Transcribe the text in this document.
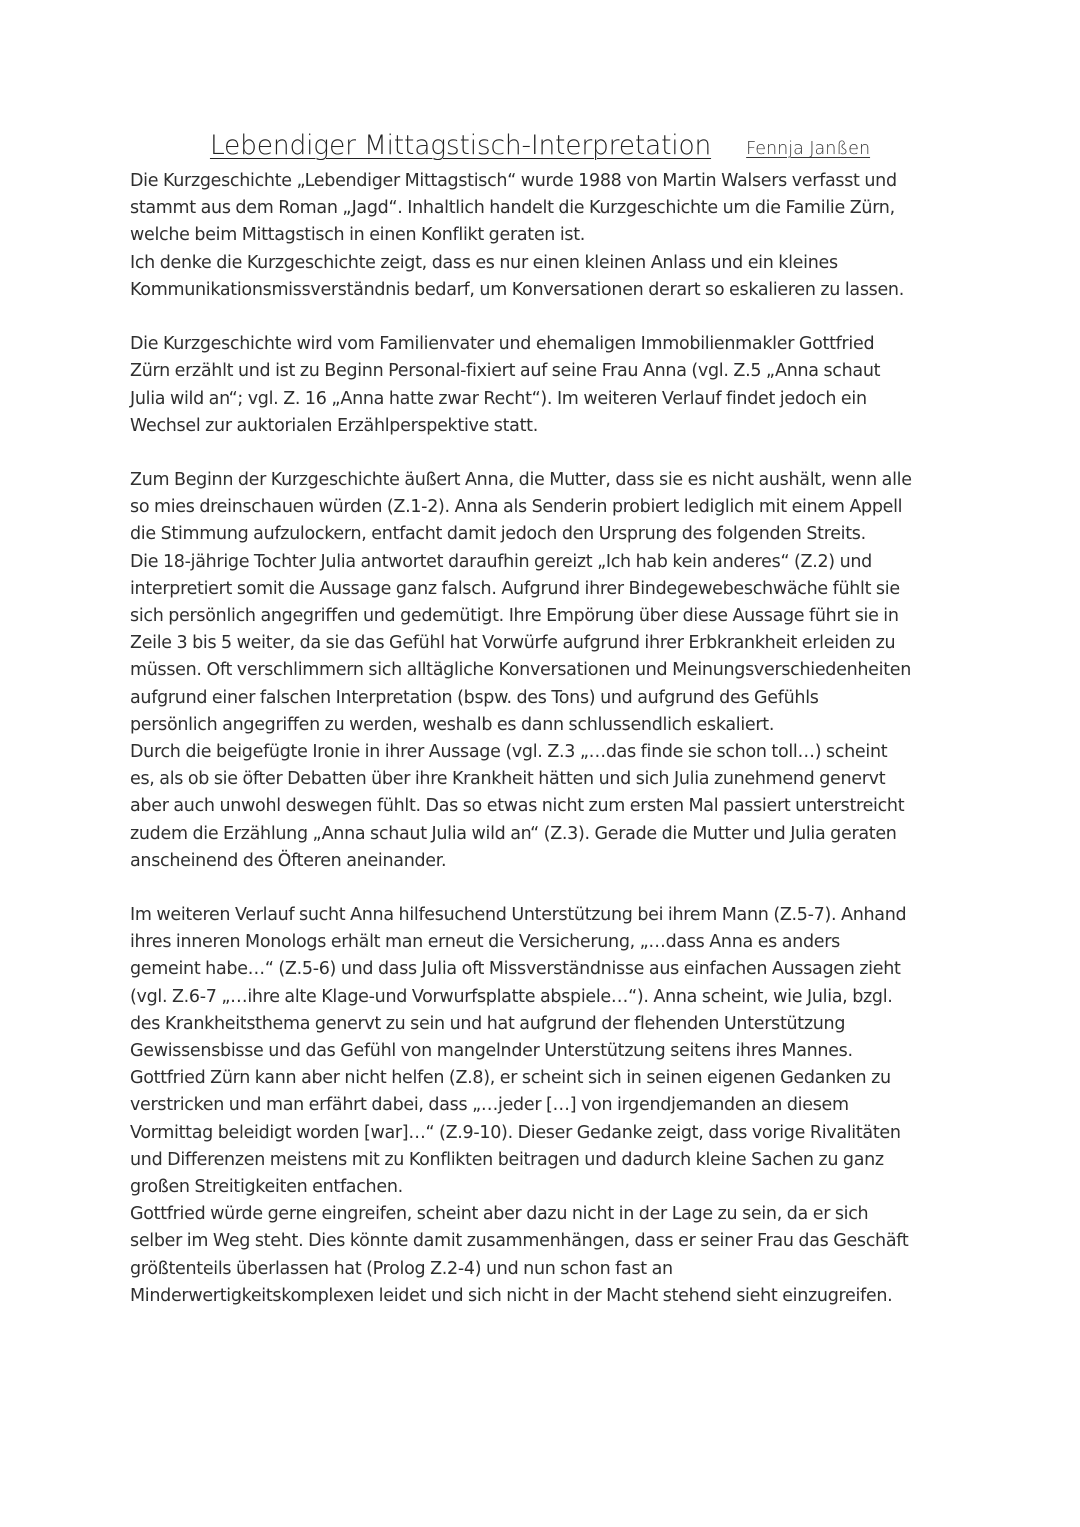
Lebendiger Mittagstisch-Interpretation Fennja Janßen
Die Kurzgeschichte „Lebendiger Mittagstisch“ wurde 1988 von Martin Walsers verfasst und
stammt aus dem Roman „Jagd“. Inhaltlich handelt die Kurzgeschichte um die Familie Zürn,
welche beim Mittagstisch in einen Konflikt geraten ist.
Ich denke die Kurzgeschichte zeigt, dass es nur einen kleinen Anlass und ein kleines
Kommunikationsmissverständnis bedarf, um Konversationen derart so eskalieren zu lassen.
Die Kurzgeschichte wird vom Familienvater und ehemaligen Immobilienmakler Gottfried
Zürn erzählt und ist zu Beginn Personal-fixiert auf seine Frau Anna (vgl. Z.5 „Anna schaut
Julia wild an“; vgl. Z. 16 „Anna hatte zwar Recht“). Im weiteren Verlauf findet jedoch ein
Wechsel zur auktorialen Erzählperspektive statt.
Zum Beginn der Kurzgeschichte äußert Anna, die Mutter, dass sie es nicht aushält, wenn alle
so mies dreinschauen würden (Z.1-2). Anna als Senderin probiert lediglich mit einem Appell
die Stimmung aufzulockern, entfacht damit jedoch den Ursprung des folgenden Streits.
Die 18-jährige Tochter Julia antwortet daraufhin gereizt „Ich hab kein anderes“ (Z.2) und
interpretiert somit die Aussage ganz falsch. Aufgrund ihrer Bindegewebeschwäche fühlt sie
sich persönlich angegriffen und gedemütigt. Ihre Empörung über diese Aussage führt sie in
Zeile 3 bis 5 weiter, da sie das Gefühl hat Vorwürfe aufgrund ihrer Erbkrankheit erleiden zu
müssen. Oft verschlimmern sich alltägliche Konversationen und Meinungsverschiedenheiten
aufgrund einer falschen Interpretation (bspw. des Tons) und aufgrund des Gefühls
persönlich angegriffen zu werden, weshalb es dann schlussendlich eskaliert.
Durch die beigefügte Ironie in ihrer Aussage (vgl. Z.3 „…das finde sie schon toll…) scheint
es, als ob sie öfter Debatten über ihre Krankheit hätten und sich Julia zunehmend genervt
aber auch unwohl deswegen fühlt. Das so etwas nicht zum ersten Mal passiert unterstreicht
zudem die Erzählung „Anna schaut Julia wild an“ (Z.3). Gerade die Mutter und Julia geraten
anscheinend des Öfteren aneinander.
Im weiteren Verlauf sucht Anna hilfesuchend Unterstützung bei ihrem Mann (Z.5-7). Anhand
ihres inneren Monologs erhält man erneut die Versicherung, „…dass Anna es anders
gemeint habe…“ (Z.5-6) und dass Julia oft Missverständnisse aus einfachen Aussagen zieht
(vgl. Z.6-7 „…ihre alte Klage-und Vorwurfsplatte abspiele…“). Anna scheint, wie Julia, bzgl.
des Krankheitsthema genervt zu sein und hat aufgrund der flehenden Unterstützung
Gewissensbisse und das Gefühl von mangelnder Unterstützung seitens ihres Mannes.
Gottfried Zürn kann aber nicht helfen (Z.8), er scheint sich in seinen eigenen Gedanken zu
verstricken und man erfährt dabei, dass „…jeder […] von irgendjemanden an diesem
Vormittag beleidigt worden [war]…“ (Z.9-10). Dieser Gedanke zeigt, dass vorige Rivalitäten
und Differenzen meistens mit zu Konflikten beitragen und dadurch kleine Sachen zu ganz
großen Streitigkeiten entfachen.
Gottfried würde gerne eingreifen, scheint aber dazu nicht in der Lage zu sein, da er sich
selber im Weg steht. Dies könnte damit zusammenhängen, dass er seiner Frau das Geschäft
größtenteils überlassen hat (Prolog Z.2-4) und nun schon fast an
Minderwertigkeitskomplexen leidet und sich nicht in der Macht stehend sieht einzugreifen.
